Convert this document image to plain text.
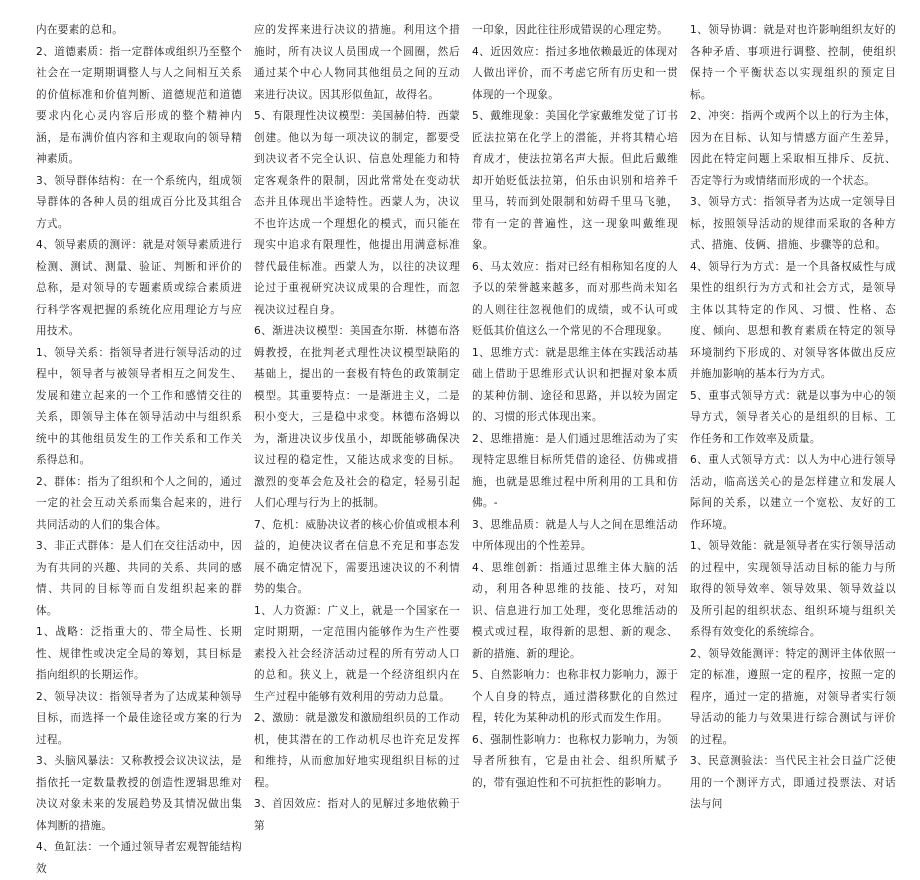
内在要素的总和。

2、道德素质：指一定群体或组织乃至整个社会在一定期期调整人与人之间相互关系的价值标准和价值判断、道德规范和道德要求内化心灵内容后形成的整个精神内涵，是布满价值内容和主观取向的领导精神素质。

3、领导群体结构：在一个系统内，组成领导群体的各种人员的组成百分比及其组合方式。

4、领导素质的测评：就是对领导素质进行检测、测试、测量、验证、判断和评价的总称，是对领导的专题素质或综合素质进行科学客观把握的系统化应用理论方与应用技术。

1、领导关系：指领导者进行领导活动的过程中，领导者与被领导者相互之间发生、发展和建立起来的一个工作和感情交往的关系，即领导主体在领导活动中与组织系统中的其他组员发生的工作关系和工作关系得总和。

2、群体：指为了组织和个人之间的，通过一定的社会互动关系而集合起来的，进行共同活动的人们的集合体。

3、非正式群体：是人们在交往活动中，因为有共同的兴趣、共同的关系、共同的感情、共同的目标等而自发组织起来的群体。

1、战略：泛指重大的、带全局性、长期性、规律性或决定全局的筹划，其目标是指向组织的长期运作。

2、领导决议：指领导者为了达成某种领导目标，而选择一个最佳途径或方案的行为过程。

3、头脑风暴法：又称教授会议决议法，是指依托一定数量教授的创造性逻辑思维对决议对象未来的发展趋势及其情况做出集体判断的措施。

4、鱼缸法：一个通过领导者宏观智能结构效

应的发挥来进行决议的措施。利用这个措施时，所有决议人员围成一个圆圈，然后通过某个中心人物同其他组员之间的互动来进行决议。因其形似鱼缸，故得名。

5、有限理性决议模型：美国赫伯特．西蒙创建。他以为每一项决议的制定，都要受到决议者不完全认识、信息处理能力和特定客观条件的限制，因此常常处在变动状态并且体现出半途特性。西蒙人为，决议不也许达成一个理想化的模式，而只能在现实中追求有限理性，他提出用满意标准替代最佳标准。西蒙人为，以往的决议理论过于重视研究决议成果的合理性，而忽视决议过程自身。

6、渐进决议模型：美国查尔斯．林德布洛姆教授，在批判老式理性决议模型缺陷的基础上，提出的一套极有特色的政策制定模型。其重要特点：一是渐进主义，二是积小变大，三是稳中求变。林德布洛姆以为，渐进决议步伐虽小，却既能够确保决议过程的稳定性，又能达成求变的目标。激烈的变革会危及社会的稳定，轻易引起人们心理与行为上的抵制。

7、危机：威胁决议者的核心价值或根本利益的，迫使决议者在信息不充足和事态发展不确定情况下，需要迅速决议的不利情势的集合。

1、人力资源：广义上，就是一个国家在一定时期期，一定范围内能够作为生产性要素投入社会经济活动过程的所有劳动人口的总和。狭义上，就是一个经济组织内在生产过程中能够有效利用的劳动力总量。

2、激励：就是激发和激励组织员的工作动机，使其潜在的工作动机尽也许充足发挥和维持，从而愈加好地实现组织目标的过程。

3、首因效应：指对人的见解过多地依赖于第

一印象，因此往往形成错误的心理定势。

4、近因效应：指过多地依赖最近的体现对人做出评价，而不考虑它所有历史和一贯体现的一个现象。

5、戴维现象：美国化学家戴维发觉了订书匠法拉第在化学上的潜能，并将其精心培育成才，使法拉第名声大振。但此后戴维却开始贬低法拉第，伯乐由识别和培养千里马，转而到处限制和妨碍千里马飞驰，带有一定的普遍性，这一现象叫戴维现象。

6、马太效应：指对已经有相称知名度的人予以的荣誉越来越多，而对那些尚未知名的人则往往忽视他们的成绩，或不认可或贬低其价值这么一个常见的不合理现象。

1、思维方式：就是思维主体在实践活动基础上借助于思维形式认识和把握对象本质的某种仿制、途径和思路，并以较为固定的、习惯的形式体现出来。

2、思维措施：是人们通过思维活动为了实现特定思维目标所凭借的途径、仿佛或措施，也就是思维过程中所利用的工具和仿佛。-

3、思维品质：就是人与人之间在思维活动中所体现出的个性差异。

4、思维创新：指通过思维主体大脑的活动，利用各种思维的技能、技巧，对知识、信息进行加工处理，变化思维活动的模式或过程，取得新的思想、新的观念、新的措施、新的理论。

5、自然影响力：也称非权力影响力，源于个人自身的特点，通过潜移默化的自然过程，转化为某种动机的形式而发生作用。

6、强制性影响力：也称权力影响力，为领导者所独有，它是由社会、组织所赋予的，带有强迫性和不可抗拒性的影响力。

1、领导协调：就是对也许影响组织友好的各种矛盾、事项进行调整、控制，使组织保持一个平衡状态以实现组织的预定目标。

2、冲突：指两个或两个以上的行为主体，因为在目标、认知与情感方面产生差异，因此在特定问题上采取相互排斥、反抗、否定等行为或情绪而形成的一个状态。

3、领导方式：指领导者为达成一定领导目标，按照领导活动的规律而采取的各种方式、措施、伎俩、措施、步骤等的总和。

4、领导行为方式：是一个具备权威性与成果性的组织行为方式和社会方式，是领导主体以其特定的作风、习惯、性格、态度、倾向、思想和教育素质在特定的领导环境制约下形成的、对领导客体做出反应并施加影响的基本行为方式。

5、重事式领导方式：就是以事为中心的领导方式，领导者关心的是组织的目标、工作任务和工作效率及质量。

6、重人式领导方式：以人为中心进行领导活动，临高送关心的是怎样建立和发展人际间的关系，以建立一个宽松、友好的工作环境。

1、领导效能：就是领导者在实行领导活动的过程中，实现领导活动目标的能力与所取得的领导效率、领导效果、领导效益以及所引起的组织状态、组织环境与组织关系得有效变化的系统综合。

2、领导效能测评：特定的测评主体依照一定的标准，遵照一定的程序，按照一定的程序，通过一定的措施，对领导者实行领导活动的能力与效果进行综合测试与评价的过程。

3、民意测验法：当代民主社会日益广泛使用的一个测评方式，即通过投票法、对话法与问
